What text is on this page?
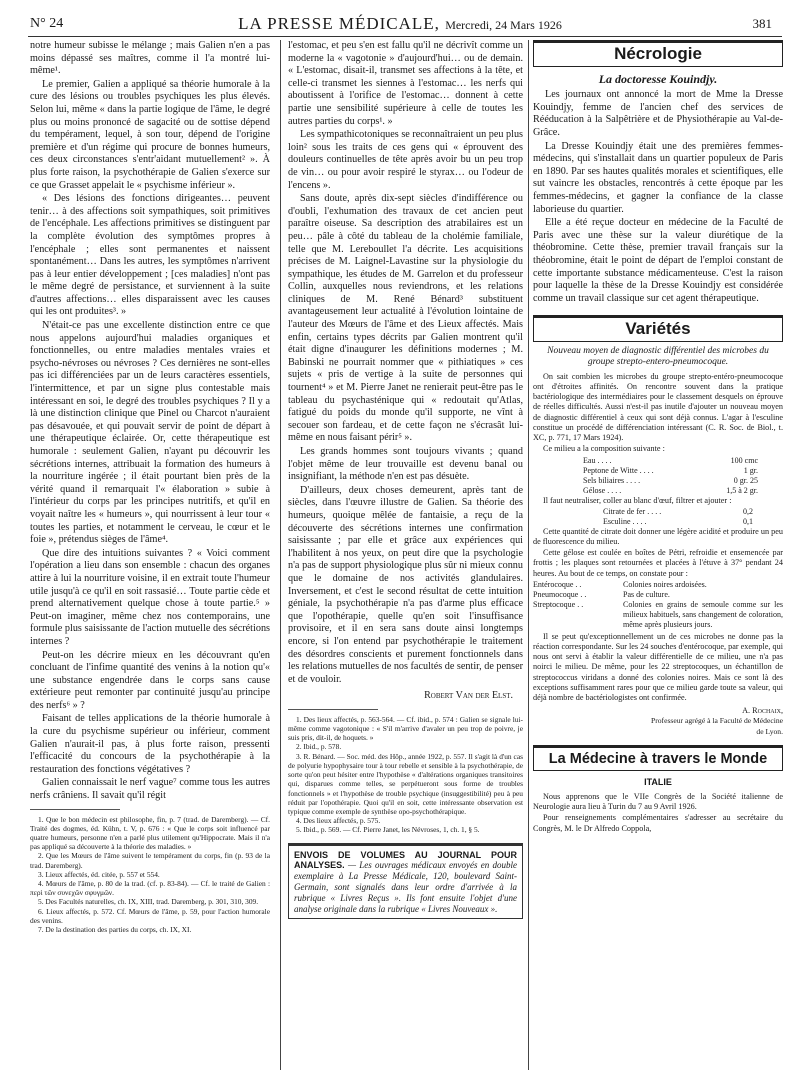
N° 24	LA PRESSE MÉDICALE, Mercredi, 24 Mars 1926	381

notre humeur subisse le mélange ; mais Galien n'en a pas moins dépassé ses maîtres, comme il l'a montré lui-même¹.

Le premier, Galien a appliqué sa théorie humorale à la cure des lésions ou troubles psychiques les plus élevés. Selon lui, même « dans la partie logique de l'âme, le degré plus ou moins prononcé de sagacité ou de sottise dépend du tempérament, lequel, à son tour, dépend de l'origine première et d'un régime qui procure de bonnes humeurs, ces deux circonstances s'entr'aidant mutuellement² ». À plus forte raison, la psychothérapie de Galien s'exerce sur ce que Grasset appelait le « psychisme inférieur ».

« Des lésions des fonctions dirigeantes… peuvent tenir… à des affections soit sympathiques, soit primitives de l'encéphale. Les affections primitives se distinguent par la complète évolution des symptômes propres à l'encéphale ; elles sont permanentes et naissent spontanément… Dans les autres, les symptômes n'arrivent pas à leur entier développement ; [ces maladies] n'ont pas le même degré de persistance, et surviennent à la suite d'autres affections… elles disparaissent avec les causes qui les ont produites³. »

N'était-ce pas une excellente distinction entre ce que nous appelons aujourd'hui maladies organiques et fonctionnelles, ou entre maladies mentales vraies et psycho-névroses ou névroses ? Ces dernières ne sont-elles pas ici différenciées par un de leurs caractères essentiels, l'intermittence, et par un signe plus contestable mais intéressant en soi, le degré des troubles psychiques ? Il y a là une distinction clinique que Pinel ou Charcot n'auraient pas désavouée, et qui pouvait servir de point de départ à une thérapeutique éclairée. Or, cette thérapeutique est humorale : seulement Galien, n'ayant pu découvrir les sécrétions internes, attribuait la formation des humeurs à la nourriture ingérée ; il était pourtant bien près de la vérité quand il remarquait l'« élaboration » subie à l'intérieur du corps par les principes nutritifs, et qu'il en voyait naître les « humeurs », qui nourrissent à leur tour « toutes les parties, et notamment le cerveau, le cœur et le foie », prétendus sièges de l'âme⁴.

Que dire des intuitions suivantes ? « Voici comment l'opération a lieu dans son ensemble : chacun des organes attire à lui la nourriture voisine, il en extrait toute l'humeur utile jusqu'à ce qu'il en soit rassasié… Toute partie cède et prend alternativement quelque chose à toute partie.⁵ » Peut-on imaginer, même chez nos contemporains, une formule plus saisissante de l'action mutuelle des sécrétions internes ?

Peut-on les décrire mieux en les découvrant qu'en concluant de l'infime quantité des venins à la notion qu'« une substance engendrée dans le corps sans cause extérieure peut remonter par continuité jusqu'au principe des nerfs⁶ » ?

Faisant de telles applications de la théorie humorale à la cure du psychisme supérieur ou inférieur, comment Galien n'aurait-il pas, à plus forte raison, pressenti l'efficacité du concours de la psychothérapie à la restauration des fonctions végétatives ?

Galien connaissait le nerf vague⁷ comme tous les autres nerfs crâniens. Il savait qu'il régit

1. Que le bon médecin est philosophe, fin, p. 7 (trad. de Daremberg). — Cf. Traité des dogmes, éd. Kühn, t. V, p. 676 : « Que le corps soit influencé par quatre humeurs, personne n'en a parlé plus utilement qu'Hippocrate. Mais il n'a pas appliqué sa découverte à la théorie des maladies. »

2. Que les Mœurs de l'âme suivent le tempérament du corps, fin (p. 93 de la trad. Daremberg).

3. Lieux affectés, éd. citée, p. 557 et 554.

4. Mœurs de l'âme, p. 80 de la trad. (cf. p. 83-84). — Cf. le traité de Galien : περὶ τῶν συνεχῶν σφυγμῶν.

5. Des Facultés naturelles, ch. IX, XIII, trad. Daremberg, p. 301, 310, 309.

6. Lieux affectés, p. 572. Cf. Mœurs de l'âme, p. 59, pour l'action humorale des venins.

7. De la destination des parties du corps, ch. IX, XI.

l'estomac, et peu s'en est fallu qu'il ne décrivît comme un moderne la « vagotonie » d'aujourd'hui… ou de demain. « L'estomac, disait-il, transmet ses affections à la tête, et celle-ci transmet les siennes à l'estomac… les nerfs qui aboutissent à l'orifice de l'estomac… donnent à cette partie une sensibilité supérieure à celle de toutes les autres parties du corps¹. »

Les sympathicotoniques se reconnaîtraient un peu plus loin² sous les traits de ces gens qui « éprouvent des douleurs continuelles de tête après avoir bu un peu trop de vin… ou pour avoir respiré le styrax… ou l'odeur de l'encens ».

Sans doute, après dix-sept siècles d'indifférence ou d'oubli, l'exhumation des travaux de cet ancien peut paraître oiseuse. Sa description des atrabilaires est un peu… pâle à côté du tableau de la cholémie familiale, telle que M. Lereboullet l'a décrite. Les acquisitions précises de M. Laignel-Lavastine sur la physiologie du sympathique, les études de M. Garrelon et du professeur Collin, auxquelles nous reviendrons, et les relations cliniques de M. René Bénard³ substituent avantageusement leur actualité à l'évolution lointaine de l'auteur des Mœurs de l'âme et des Lieux affectés. Mais enfin, certains types décrits par Galien montrent qu'il était digne d'inaugurer les définitions modernes ; M. Babinski ne pourrait nommer que « pithiatiques » ces sujets « pris de vertige à la suite de personnes qui tournent⁴ » et M. Pierre Janet ne renierait peut-être pas le tableau du psychasténique qui « redoutait qu'Atlas, fatigué du poids du monde qu'il supporte, ne vînt à secouer son fardeau, et de cette façon ne s'écrasât lui-même en nous faisant périr⁵ ».

Les grands hommes sont toujours vivants ; quand l'objet même de leur trouvaille est devenu banal ou insignifiant, la méthode n'en est pas désuète.

D'ailleurs, deux choses demeurent, après tant de siècles, dans l'œuvre illustre de Galien. Sa théorie des humeurs, quoique mêlée de fantaisie, a reçu de la découverte des sécrétions internes une confirmation saisissante ; par elle et grâce aux expériences qui l'habilitent à nos yeux, on peut dire que la psychologie n'a pas de support physiologique plus sûr ni mieux connu que le domaine de nos activités glandulaires. Inversement, et c'est le second résultat de cette intuition géniale, la psychothérapie n'a pas d'arme plus efficace que l'opothérapie, quelle qu'en soit l'insuffisance provisoire, et il en sera sans doute ainsi longtemps encore, si l'on entend par psychothérapie le traitement des désordres conscients et purement fonctionnels dans les relations mutuelles de nos facultés de sentir, de penser et de vouloir.

Robert Van der Elst.

1. Des lieux affectés, p. 563-564. — Cf. ibid., p. 574 : Galien se signale lui-même comme vagotonique : « S'il m'arrive d'avaler un peu trop de poivre, je suis pris, dit-il, de hoquets. »

2. Ibid., p. 578.

3. R. Bénard. — Soc. méd. des Hôp., année 1922, p. 557. Il s'agit là d'un cas de polyurie hypophysaire tour à tour rebelle et sensible à la psychothérapie, de sorte qu'on peut hésiter entre l'hypothèse « d'altérations organiques transitoires qui, disparues comme telles, se perpétueront sous forme de troubles fonctionnels » et l'hypothèse de trouble psychique (insuggestibilité) peu à peu réduit par l'opothérapie. Quoi qu'il en soit, cette intéressante observation est typique comme exemple de synthèse opo-psychothérapique.

4. Des lieux affectés, p. 575.

5. Ibid., p. 569. — Cf. Pierre Janet, les Névroses, 1, ch. 1, § 5.

ENVOIS DE VOLUMES AU JOURNAL POUR ANALYSES. — Les ouvrages médicaux envoyés en double exemplaire à La Presse Médicale, 120, boulevard Saint-Germain, sont signalés dans leur ordre d'arrivée à la rubrique « Livres Reçus ». Ils font ensuite l'objet d'une analyse originale dans la rubrique « Livres Nouveaux ».
Nécrologie
La doctoresse Kouindjy.

Les journaux ont annoncé la mort de Mme la Dresse Kouindjy, femme de l'ancien chef des services de Rééducation à la Salpêtrière et de Physiothérapie au Val-de-Grâce.

La Dresse Kouindjy était une des premières femmes-médecins, qui s'installait dans un quartier populeux de Paris en 1890. Par ses hautes qualités morales et scientifiques, elle sut vaincre les obstacles, rencontrés à cette époque par les femmes-médecins, et gagner la confiance de la classe laborieuse du quartier.

Elle a été reçue docteur en médecine de la Faculté de Paris avec une thèse sur la valeur diurétique de la théobromine. Cette thèse, premier travail français sur la théobromine, était le point de départ de l'emploi constant de cette importante substance médicamenteuse. C'est la raison pour laquelle la thèse de la Dresse Kouindjy est considérée comme un travail classique sur cet agent thérapeutique.

Variétés
Nouveau moyen de diagnostic différentiel des microbes du groupe strepto-entero-pneumocoque.

On sait combien les microbes du groupe strepto-entéro-pneumocoque ont d'étroites affinités. On rencontre souvent dans la pratique bactériologique des intermédiaires pour le classement desquels on éprouve de réelles difficultés. Aussi n'est-il pas inutile d'ajouter un nouveau moyen de diagnostic différentiel à ceux qui sont déjà connus. L'agar à l'esculine constitue un procédé de différenciation intéressant (C. R. Soc. de Biol., t. XC, p. 771, 17 Mars 1924).

Ce milieu a la composition suivante :

Eau . . . .	100 cmc
Peptone de Witte . . . .	1 gr.
Sels biliaires . . . .	0 gr. 25
Gélose . . . .	1,5 à 2 gr.

Il faut neutraliser, coller au blanc d'œuf, filtrer et ajouter :

Citrate de fer . . . .	0,2
Esculine . . . .	0,1

Cette quantité de citrate doit donner une légère acidité et produire un peu de fluorescence du milieu.

Cette gélose est coulée en boîtes de Pétri, refroidie et ensemencée par frottis ; les plaques sont retournées et placées à l'étuve à 37° pendant 24 heures. Au bout de ce temps, on constate pour :

Entérocoque . .	Colonies noires ardoisées.
Pneumocoque . .	Pas de culture.
Streptocoque . .	Colonies en grains de semoule comme sur les milieux habituels, sans changement de coloration, même après plusieurs jours.

Il se peut qu'exceptionnellement un de ces microbes ne donne pas la réaction correspondante. Sur les 24 souches d'entérocoque, par exemple, qui nous ont servi à établir la valeur différentielle de ce milieu, une n'a pas noirci le milieu. De même, pour les 22 streptocoques, un échantillon de streptococcus viridans a donné des colonies noires. Mais ce sont là des exceptions suffisamment rares pour que ce milieu garde toute sa valeur, qui déjà nombre de bactériologistes ont confirmée.

A. Rochaix,
Professeur agrégé à la Faculté de Médecine de Lyon.
La Médecine à travers le Monde
ITALIE

Nous apprenons que le VIIe Congrès de la Société italienne de Neurologie aura lieu à Turin du 7 au 9 Avril 1926.

Pour renseignements complémentaires s'adresser au secrétaire du Congrès, M. le Dr Alfredo Coppola,
